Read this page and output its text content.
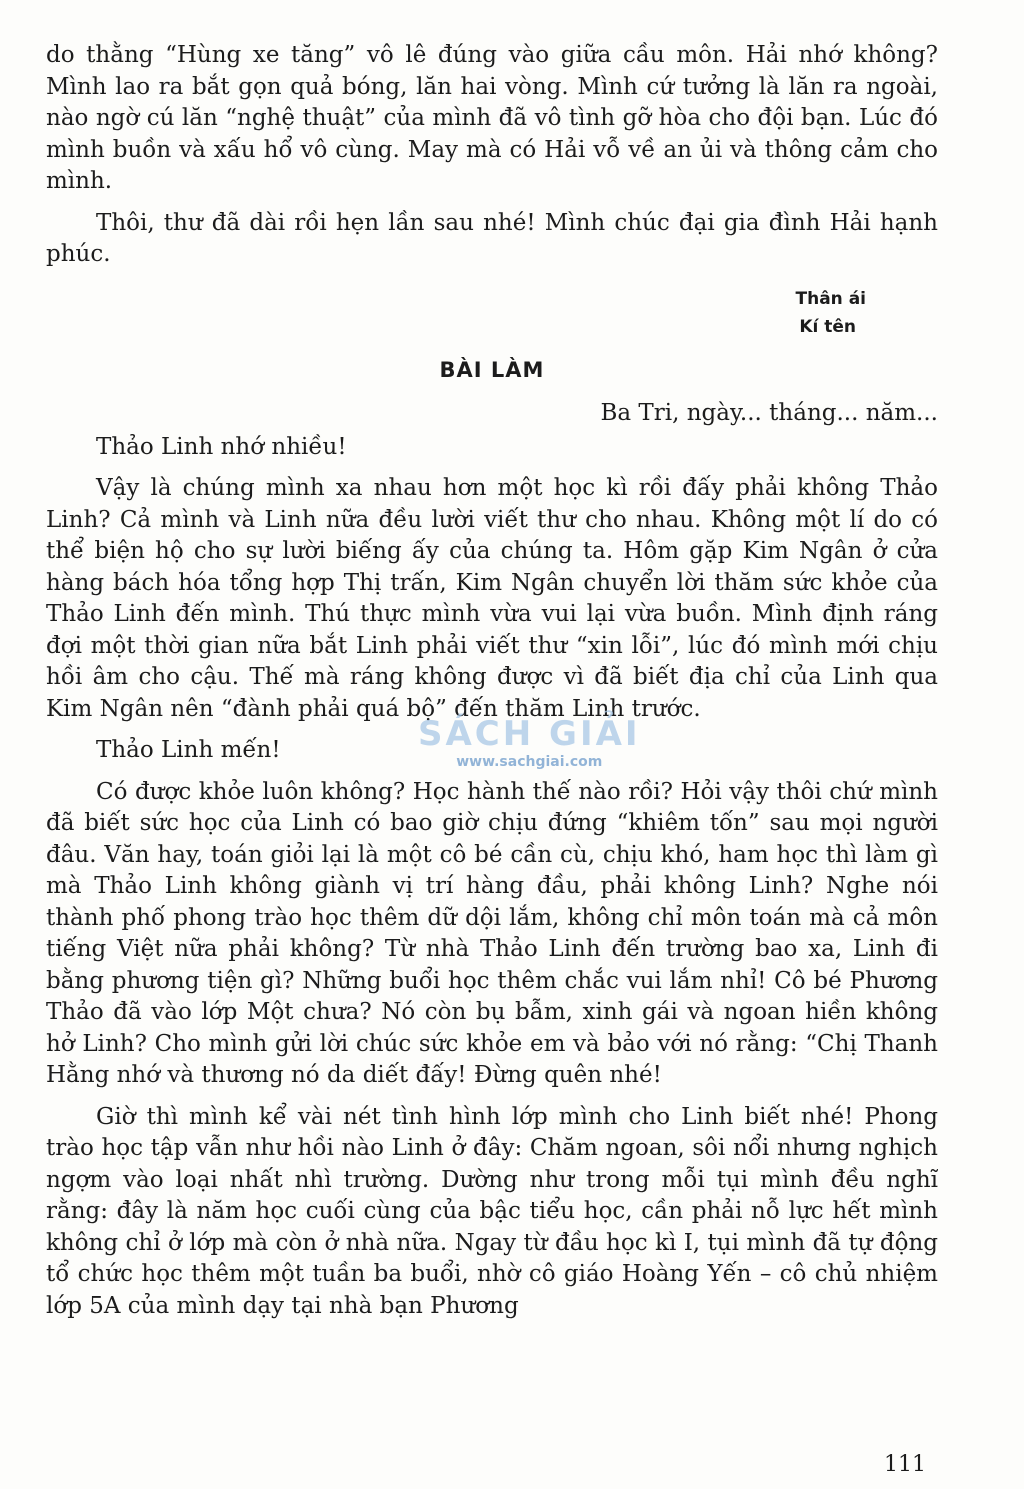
do thằng “Hùng xe tăng” vô lê đúng vào giữa cầu môn. Hải nhớ không? Mình lao ra bắt gọn quả bóng, lăn hai vòng. Mình cứ tưởng là lăn ra ngoài, nào ngờ cú lăn “nghệ thuật” của mình đã vô tình gỡ hòa cho đội bạn. Lúc đó mình buồn và xấu hổ vô cùng. May mà có Hải vỗ về an ủi và thông cảm cho mình.

Thôi, thư đã dài rồi hẹn lần sau nhé! Mình chúc đại gia đình Hải hạnh phúc.

Thân ái
Kí tên
BÀI LÀM

Ba Tri, ngày... tháng... năm...

Thảo Linh nhớ nhiều!

Vậy là chúng mình xa nhau hơn một học kì rồi đấy phải không Thảo Linh? Cả mình và Linh nữa đều lười viết thư cho nhau. Không một lí do có thể biện hộ cho sự lười biếng ấy của chúng ta. Hôm gặp Kim Ngân ở cửa hàng bách hóa tổng hợp Thị trấn, Kim Ngân chuyển lời thăm sức khỏe của Thảo Linh đến mình. Thú thực mình vừa vui lại vừa buồn. Mình định ráng đợi một thời gian nữa bắt Linh phải viết thư “xin lỗi”, lúc đó mình mới chịu hồi âm cho cậu. Thế mà ráng không được vì đã biết địa chỉ của Linh qua Kim Ngân nên “đành phải quá bộ” đến thăm Linh trước.

Thảo Linh mến!

Có được khỏe luôn không? Học hành thế nào rồi? Hỏi vậy thôi chứ mình đã biết sức học của Linh có bao giờ chịu đứng “khiêm tốn” sau mọi người đâu. Văn hay, toán giỏi lại là một cô bé cần cù, chịu khó, ham học thì làm gì mà Thảo Linh không giành vị trí hàng đầu, phải không Linh? Nghe nói thành phố phong trào học thêm dữ dội lắm, không chỉ môn toán mà cả môn tiếng Việt nữa phải không? Từ nhà Thảo Linh đến trường bao xa, Linh đi bằng phương tiện gì? Những buổi học thêm chắc vui lắm nhỉ! Cô bé Phương Thảo đã vào lớp Một chưa? Nó còn bụ bẫm, xinh gái và ngoan hiền không hở Linh? Cho mình gửi lời chúc sức khỏe em và bảo với nó rằng: “Chị Thanh Hằng nhớ và thương nó da diết đấy! Đừng quên nhé!

Giờ thì mình kể vài nét tình hình lớp mình cho Linh biết nhé! Phong trào học tập vẫn như hồi nào Linh ở đây: Chăm ngoan, sôi nổi nhưng nghịch ngợm vào loại nhất nhì trường. Dường như trong mỗi tụi mình đều nghĩ rằng: đây là năm học cuối cùng của bậc tiểu học, cần phải nỗ lực hết mình không chỉ ở lớp mà còn ở nhà nữa. Ngay từ đầu học kì I, tụi mình đã tự động tổ chức học thêm một tuần ba buổi, nhờ cô giáo Hoàng Yến – cô chủ nhiệm lớp 5A của mình dạy tại nhà bạn Phương

SÁCH GIẢI
www.sachgiai.com
111
